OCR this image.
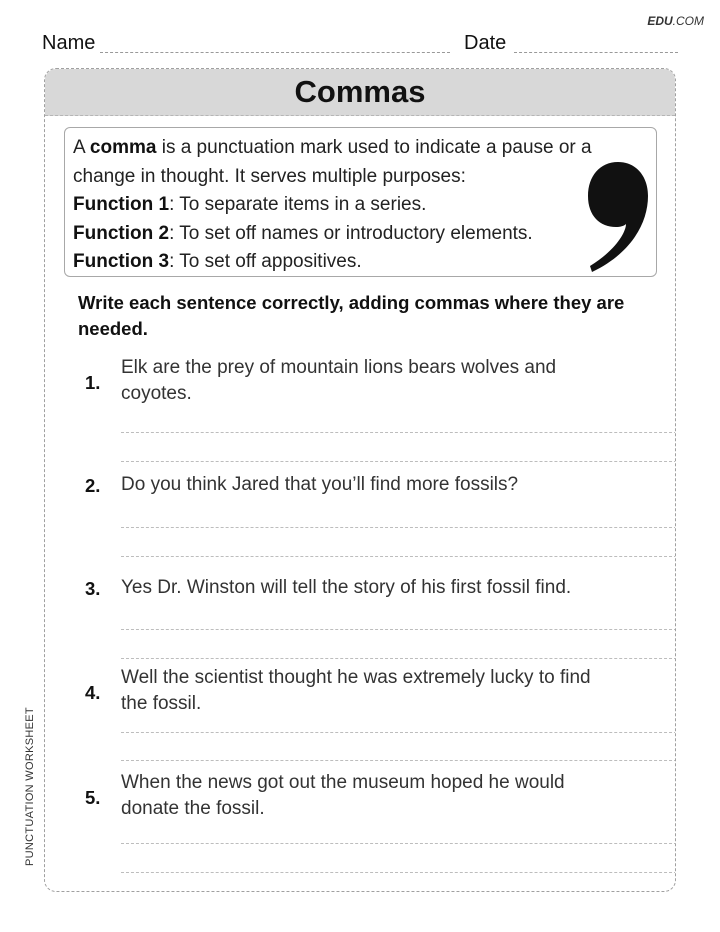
EDU.COM
Name	Date
Commas

A comma is a punctuation mark used to indicate a pause or a change in thought. It serves multiple purposes:

Function 1: To separate items in a series.

Function 2: To set off names or introductory elements.

Function 3: To set off appositives.

Write each sentence correctly, adding commas where they are needed.
1.
Elk are the prey of mountain lions bears wolves and coyotes.
2. Do you think Jared that you’ll find more fossils?
3. Yes Dr. Winston will tell the story of his first fossil find.
4.
Well the scientist thought he was extremely lucky to find the fossil.
5.
When the news got out the museum hoped he would donate the fossil.
PUNCTUATION WORKSHEET
